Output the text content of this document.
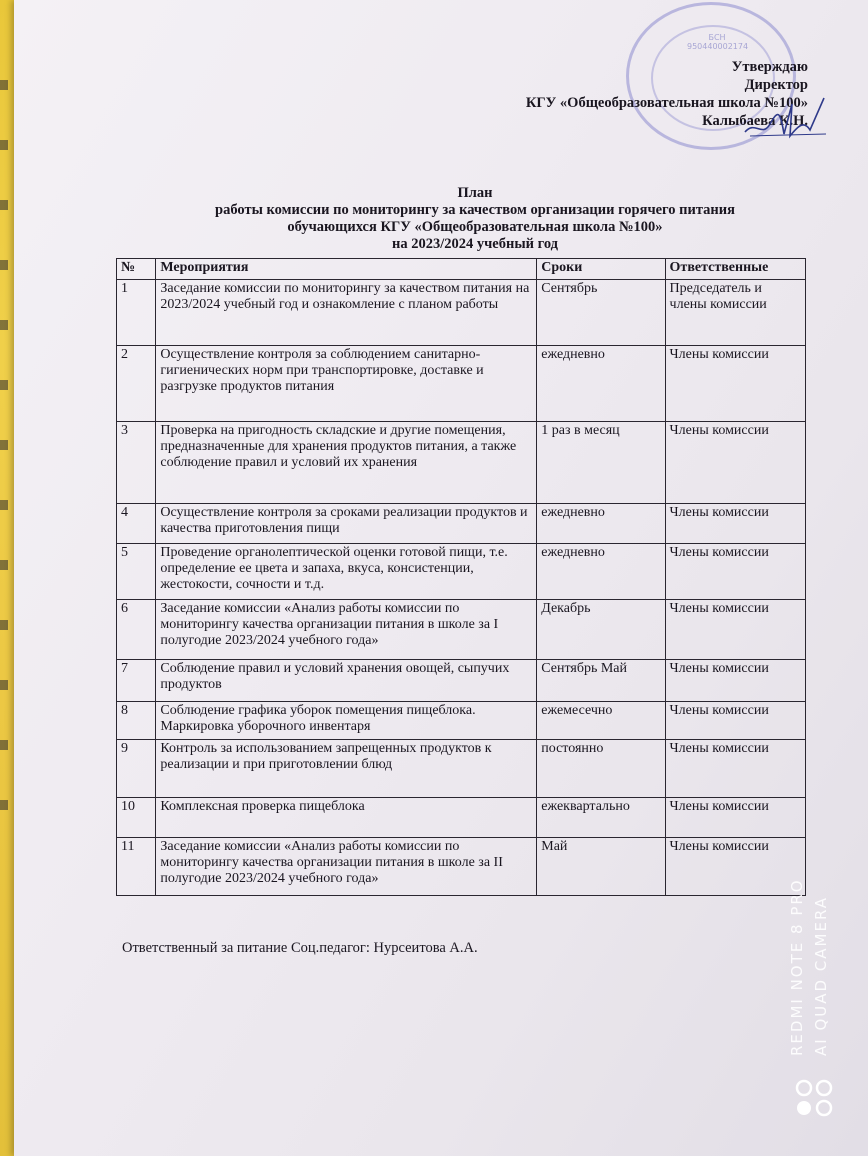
БСН 950440002174
Утверждаю
Директор
КГУ «Общеобразовательная школа №100»
Калыбаева К.Н.
План
работы комиссии по мониторингу за качеством организации горячего питания
обучающихся КГУ «Общеобразовательная школа №100»
на 2023/2024 учебный год
№	Мероприятия	Сроки	Ответственные
1	Заседание комиссии по мониторингу за качеством питания на 2023/2024 учебный год и ознакомление с планом работы	Сентябрь	Председатель и члены комиссии
2	Осуществление контроля за соблюдением санитарно- гигиенических норм при транспортировке, доставке и разгрузке продуктов питания	ежедневно	Члены комиссии
3	Проверка на пригодность складские и другие помещения, предназначенные для хранения продуктов питания, а также соблюдение правил и условий их хранения	1 раз в месяц	Члены комиссии
4	Осуществление контроля за сроками реализации продуктов и качества приготовления пищи	ежедневно	Члены комиссии
5	Проведение органолептической оценки готовой пищи, т.е. определение ее цвета и запаха, вкуса, консистенции, жестокости, сочности и т.д.	ежедневно	Члены комиссии
6	Заседание комиссии «Анализ работы комиссии по мониторингу качества организации питания в школе за I полугодие 2023/2024 учебного года»	Декабрь	Члены комиссии
7	Соблюдение правил и условий хранения овощей, сыпучих продуктов	Сентябрь Май	Члены комиссии
8	Соблюдение графика уборок помещения пищеблока. Маркировка уборочного инвентаря	ежемесечно	Члены комиссии
9	Контроль за использованием запрещенных продуктов к реализации и при приготовлении блюд	постоянно	Члены комиссии
10	Комплексная проверка пищеблока	ежеквартально	Члены комиссии
11	Заседание комиссии «Анализ работы комиссии по мониторингу качества организации питания в школе за II полугодие 2023/2024 учебного года»	Май	Члены комиссии
Ответственный за питание Соц.педагог: Нурсеитова А.А.	REDMI NOTE 8 PRO AI QUAD CAMERA
